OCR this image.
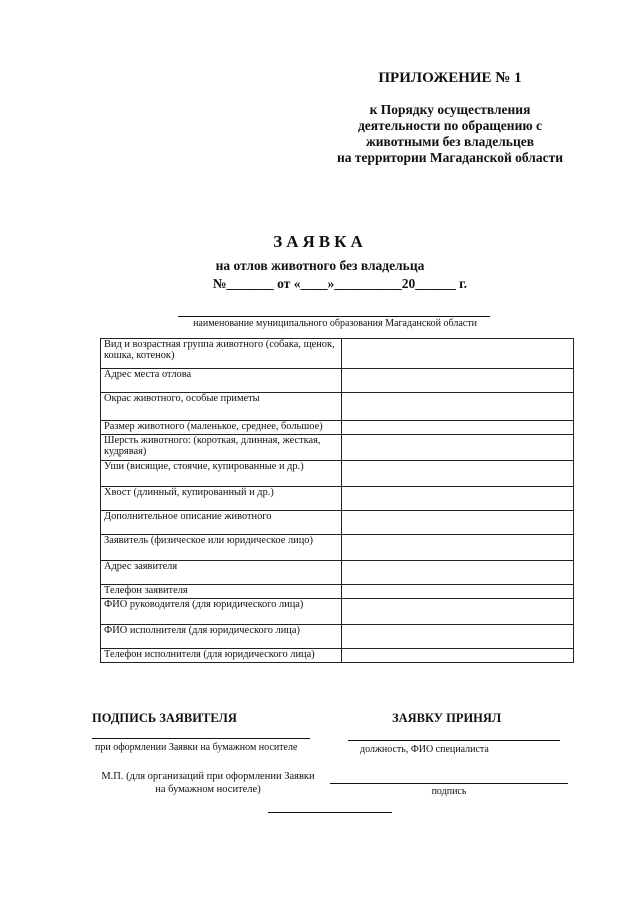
ПРИЛОЖЕНИЕ № 1
к Порядку осуществления
деятельности по обращению с
животными без владельцев
на территории Магаданской области
ЗАЯВКА
на отлов животного без владельца
№_______ от «____»__________20______ г.
наименование муниципального образования Магаданской области
Вид и возрастная группа животного (собака, щенок, кошка, котенок)	
Адрес места отлова	
Окрас животного, особые приметы	
Размер животного (маленькое, среднее, большое)	
Шерсть животного: (короткая, длинная, жесткая, кудрявая)	
Уши (висящие, стоячие, купированные и др.)	
Хвост (длинный, купированный и др.)	
Дополнительное описание животного	
Заявитель (физическое или юридическое лицо)	
Адрес заявителя	
Телефон заявителя	
ФИО руководителя (для юридического лица)	
ФИО исполнителя (для юридического лица)	
Телефон исполнителя (для юридического лица)	
ПОДПИСЬ ЗАЯВИТЕЛЯ	ЗАЯВКУ ПРИНЯЛ
при оформлении Заявки на бумажном носителе	должность, ФИО специалиста
М.П. (для организаций при оформлении Заявки
на бумажном носителе)	подпись
